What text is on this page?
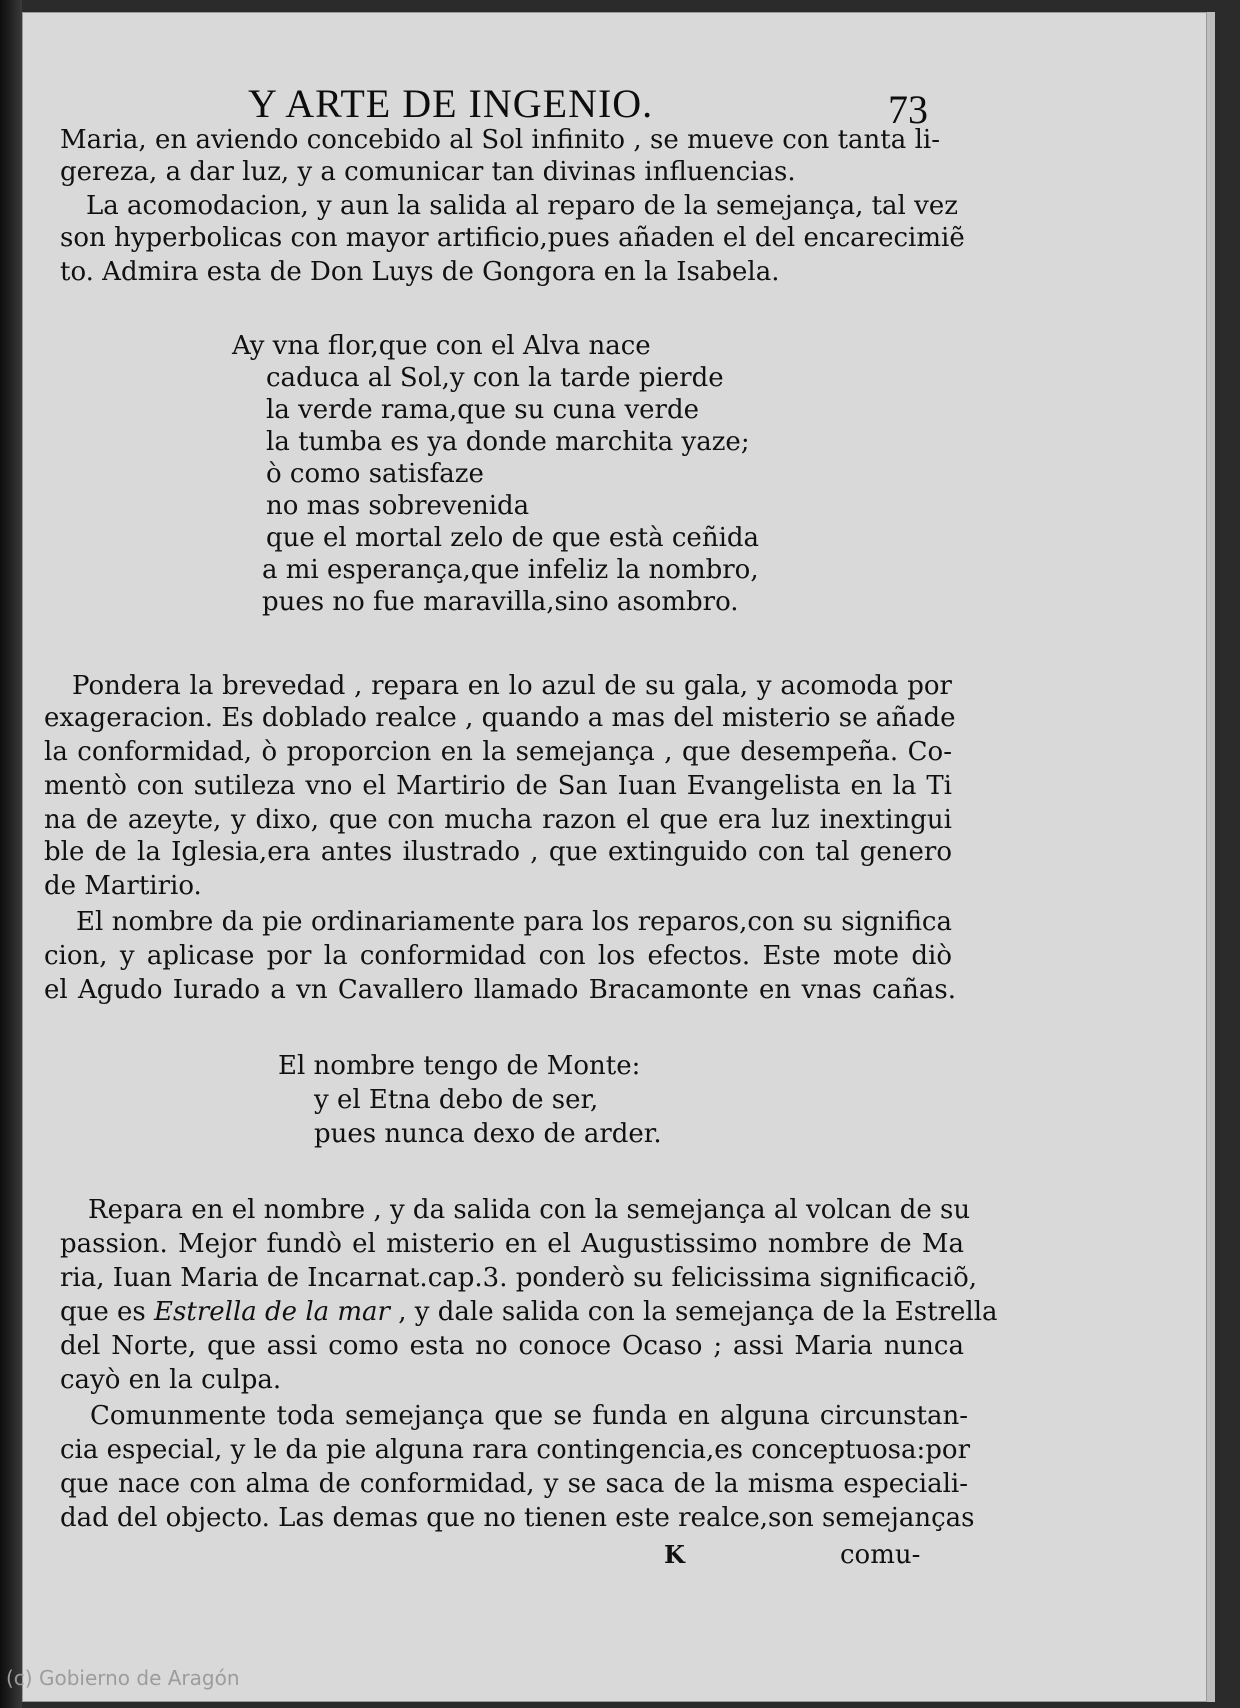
Y ARTE DE INGENIO.	73
Maria, en aviendo concebido al Sol infinito , se mueve con tanta li-
gereza, a dar luz, y a comunicar tan divinas influencias.
La acomodacion, y aun la salida al reparo de la semejança, tal vez
son hyperbolicas con mayor artificio,pues añaden el del encarecimiẽ
to. Admira esta de Don Luys de Gongora en la Isabela.
Ay vna flor,que con el Alva nace
caduca al Sol,y con la tarde pierde
la verde rama,que su cuna verde
la tumba es ya donde marchita yaze;
ò como satisfaze
no mas sobrevenida
que el mortal zelo de que està ceñida
a mi esperança,que infeliz la nombro,
pues no fue maravilla,sino asombro.
Pondera la brevedad , repara en lo azul de su gala, y acomoda por
exageracion. Es doblado realce , quando a mas del misterio se añade
la conformidad, ò proporcion en la semejança , que desempeña. Co-
mentò con sutileza vno el Martirio de San Iuan Evangelista en la Ti
na de azeyte, y dixo, que con mucha razon el que era luz inextingui
ble de la Iglesia,era antes ilustrado , que extinguido con tal genero
de Martirio.
El nombre da pie ordinariamente para los reparos,con su significa
cion, y aplicase por la conformidad con los efectos. Este mote diò
el Agudo Iurado a vn Cavallero llamado Bracamonte en vnas cañas.
El nombre tengo de Monte:
y el Etna debo de ser,
pues nunca dexo de arder.
Repara en el nombre , y da salida con la semejança al volcan de su
passion. Mejor fundò el misterio en el Augustissimo nombre de Ma
ria, Iuan Maria de Incarnat.cap.3. ponderò su felicissima significaciõ,
que es Estrella de la mar , y dale salida con la semejança de la Estrella
del Norte, que assi como esta no conoce Ocaso ; assi Maria nunca
cayò en la culpa.
Comunmente toda semejança que se funda en alguna circunstan-
cia especial, y le da pie alguna rara contingencia,es conceptuosa:por
que nace con alma de conformidad, y se saca de la misma especiali-
dad del objecto. Las demas que no tienen este realce,son semejanças
K	comu-
(c) Gobierno de Aragón
